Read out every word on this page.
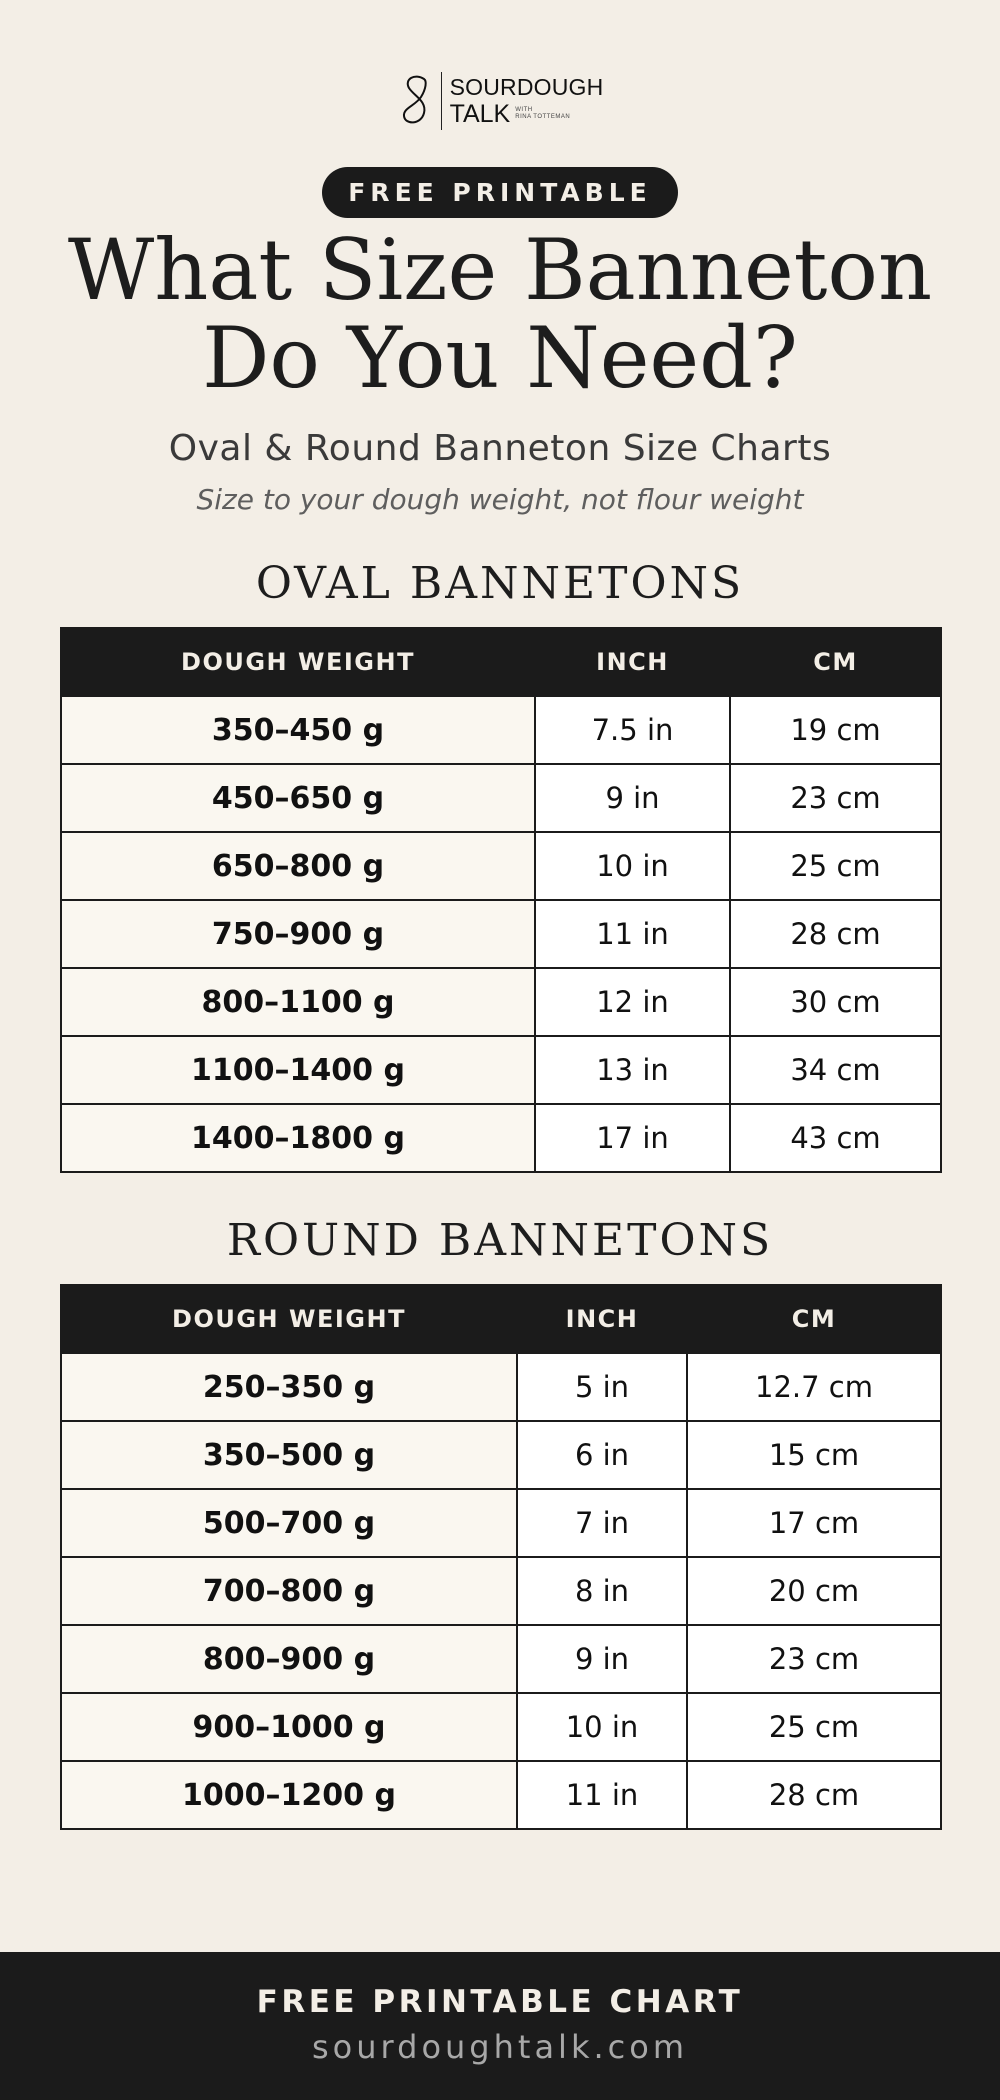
SOURDOUGH
TALK WITH
RINA TOTTEMAN
FREE PRINTABLE
What Size Banneton
Do You Need?
Oval & Round Banneton Size Charts
Size to your dough weight, not flour weight
OVAL BANNETONS
DOUGH WEIGHT	INCH	CM
350–450 g	7.5 in	19 cm
450–650 g	9 in	23 cm
650–800 g	10 in	25 cm
750–900 g	11 in	28 cm
800–1100 g	12 in	30 cm
1100–1400 g	13 in	34 cm
1400–1800 g	17 in	43 cm
ROUND BANNETONS
DOUGH WEIGHT	INCH	CM
250–350 g	5 in	12.7 cm
350–500 g	6 in	15 cm
500–700 g	7 in	17 cm
700–800 g	8 in	20 cm
800–900 g	9 in	23 cm
900–1000 g	10 in	25 cm
1000–1200 g	11 in	28 cm
FREE PRINTABLE CHART
sourdoughtalk.com
